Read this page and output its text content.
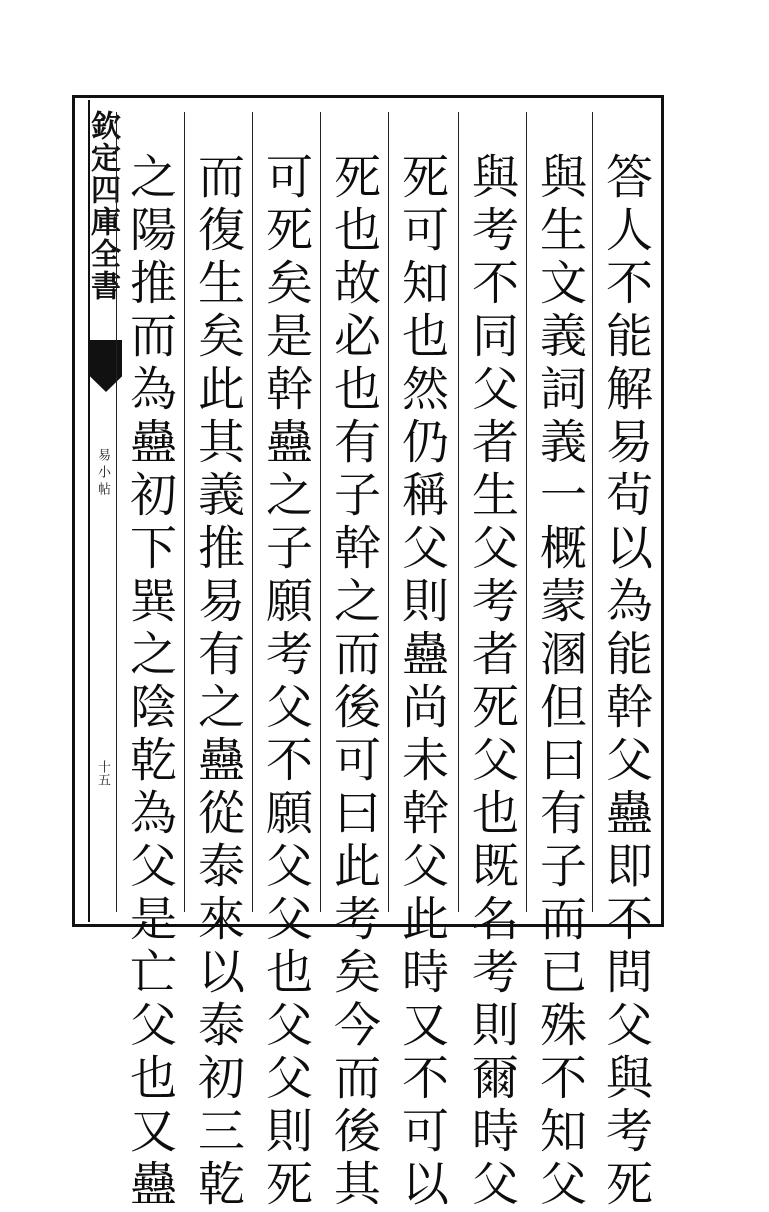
欽定四庫全書
易小帖
十五	答人不能解易茍以為能幹父蠱即不問父與考死
與生文義詞義一概蒙溷但曰有子而已殊不知父
與考不同父者生父考者死父也既名考則爾時父
死可知也然仍稱父則蠱尚未幹父此時又不可以
死也故必也有子幹之而後可曰此考矣今而後其
可死矣是幹蠱之子願考父不願父父也父父則死
而復生矣此其義推易有之蠱從泰來以泰初三乾
之陽推而為蠱初下巽之陰乾為父是亡父也又蠱
